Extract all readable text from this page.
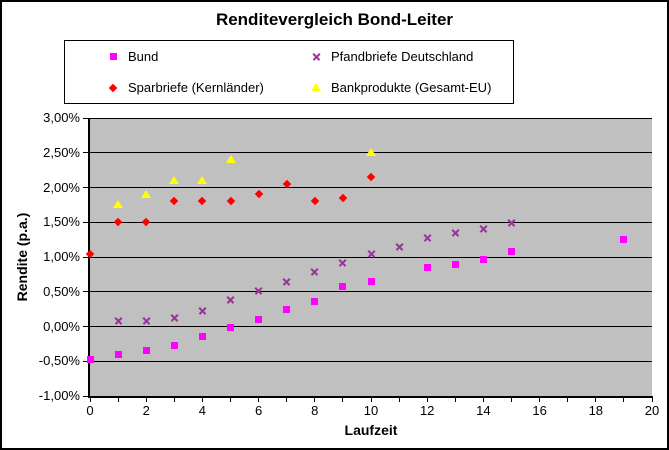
Renditevergleich Bond-Leiter
Bund	Pfandbriefe Deutschland
Sparbriefe (Kernländer)	Bankprodukte (Gesamt-EU)
Laufzeit
Rendite (p.a.)
3,00%
2,50%
2,00%
1,50%
1,00%
0,50%
0,00%
-0,50%
-1,00%
0	2	4	6	8	10	12	14	16	18	20
